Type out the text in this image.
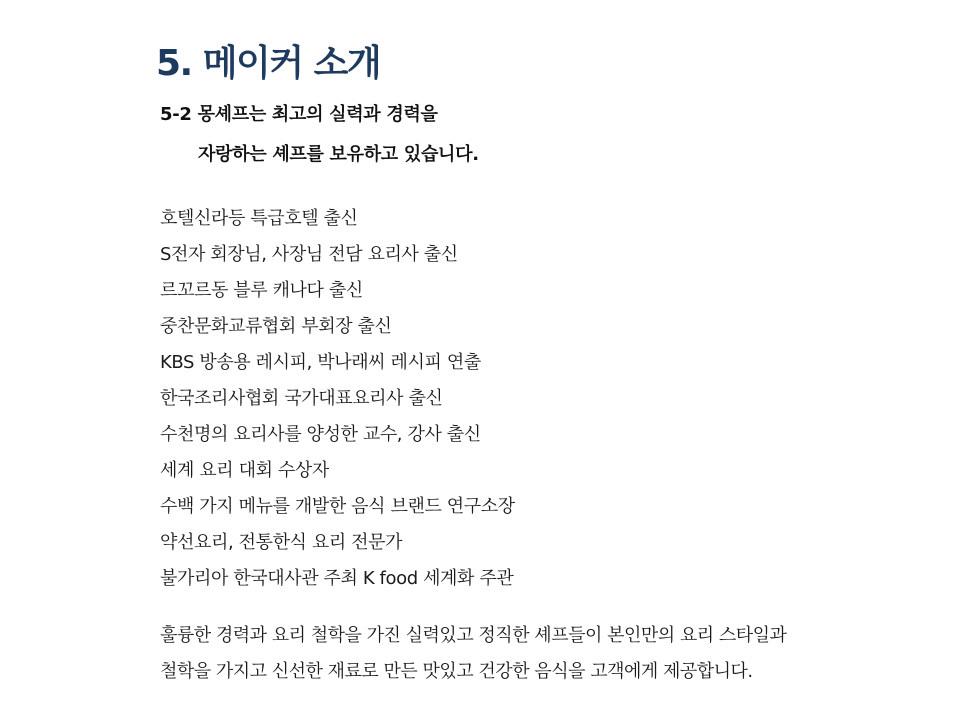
5. 메이커 소개
5-2 몽셰프는 최고의 실력과 경력을
자랑하는 셰프를 보유하고 있습니다.
호텔신라등 특급호텔 출신
S전자 회장님, 사장님 전담 요리사 출신
르꼬르동 블루 캐나다 출신
중찬문화교류협회 부회장 출신
KBS 방송용 레시피, 박나래씨 레시피 연출
한국조리사협회 국가대표요리사 출신
수천명의 요리사를 양성한 교수, 강사 출신
세계 요리 대회 수상자
수백 가지 메뉴를 개발한 음식 브랜드 연구소장
약선요리, 전통한식 요리 전문가
불가리아 한국대사관 주최 K food 세계화 주관

훌륭한 경력과 요리 철학을 가진 실력있고 정직한 셰프들이 본인만의 요리 스타일과

철학을 가지고 신선한 재료로 만든 맛있고 건강한 음식을 고객에게 제공합니다.
